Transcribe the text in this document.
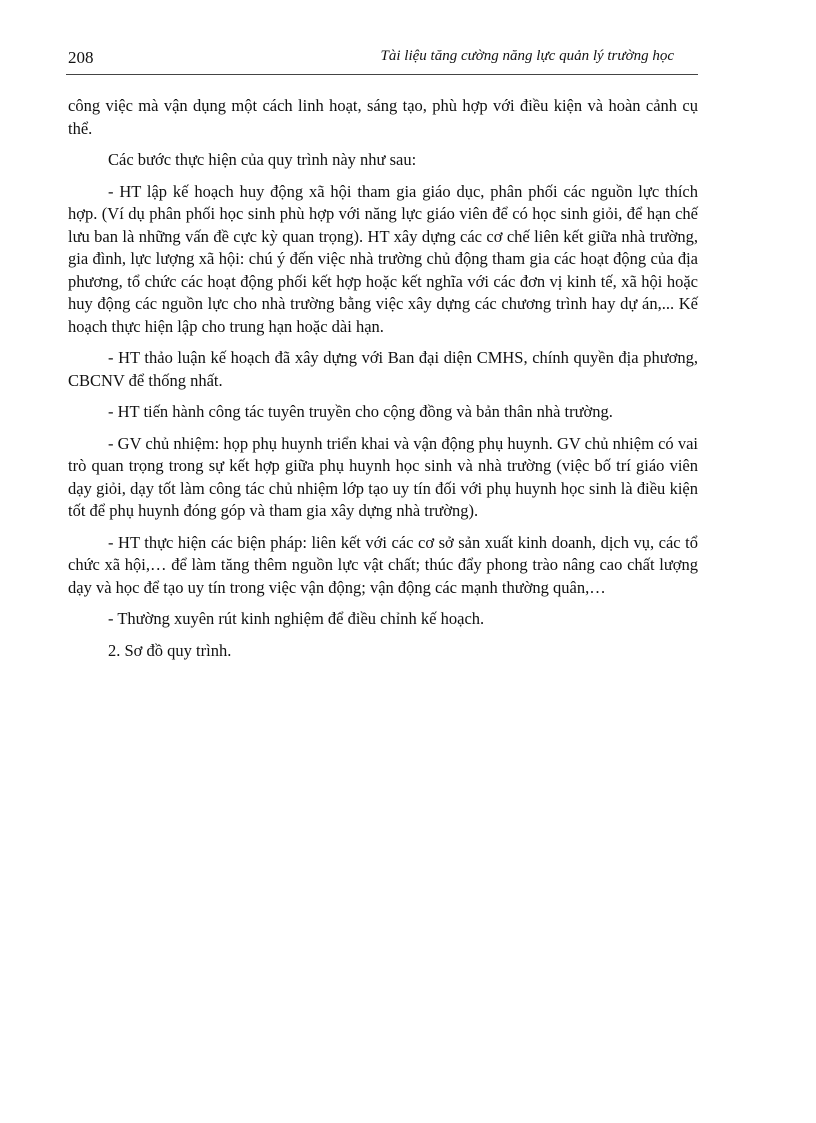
208	Tài liệu tăng cường năng lực quản lý trường học

công việc mà vận dụng một cách linh hoạt, sáng tạo, phù hợp với điều kiện và hoàn cảnh cụ thể.

Các bước thực hiện của quy trình này như sau:

- HT lập kế hoạch huy động xã hội tham gia giáo dục, phân phối các nguồn lực thích hợp. (Ví dụ phân phối học sinh phù hợp với năng lực giáo viên để có học sinh giỏi, để hạn chế lưu ban là những vấn đề cực kỳ quan trọng). HT xây dựng các cơ chế liên kết giữa nhà trường, gia đình, lực lượng xã hội: chú ý đến việc nhà trường chủ động tham gia các hoạt động của địa phương, tổ chức các hoạt động phối kết hợp hoặc kết nghĩa với các đơn vị kinh tế, xã hội hoặc huy động các nguồn lực cho nhà trường bằng việc xây dựng các chương trình hay dự án,... Kế hoạch thực hiện lập cho trung hạn hoặc dài hạn.

- HT thảo luận kế hoạch đã xây dựng với Ban đại diện CMHS, chính quyền địa phương, CBCNV để thống nhất.

- HT tiến hành công tác tuyên truyền cho cộng đồng và bản thân nhà trường.

- GV chủ nhiệm: họp phụ huynh triển khai và vận động phụ huynh. GV chủ nhiệm có vai trò quan trọng trong sự kết hợp giữa phụ huynh học sinh và nhà trường (việc bố trí giáo viên dạy giỏi, dạy tốt làm công tác chủ nhiệm lớp tạo uy tín đối với phụ huynh học sinh là điều kiện tốt để phụ huynh đóng góp và tham gia xây dựng nhà trường).

- HT thực hiện các biện pháp: liên kết với các cơ sở sản xuất kinh doanh, dịch vụ, các tổ chức xã hội,… để làm tăng thêm nguồn lực vật chất; thúc đẩy phong trào nâng cao chất lượng dạy và học để tạo uy tín trong việc vận động; vận động các mạnh thường quân,…

- Thường xuyên rút kinh nghiệm để điều chỉnh kế hoạch.

2. Sơ đồ quy trình.
